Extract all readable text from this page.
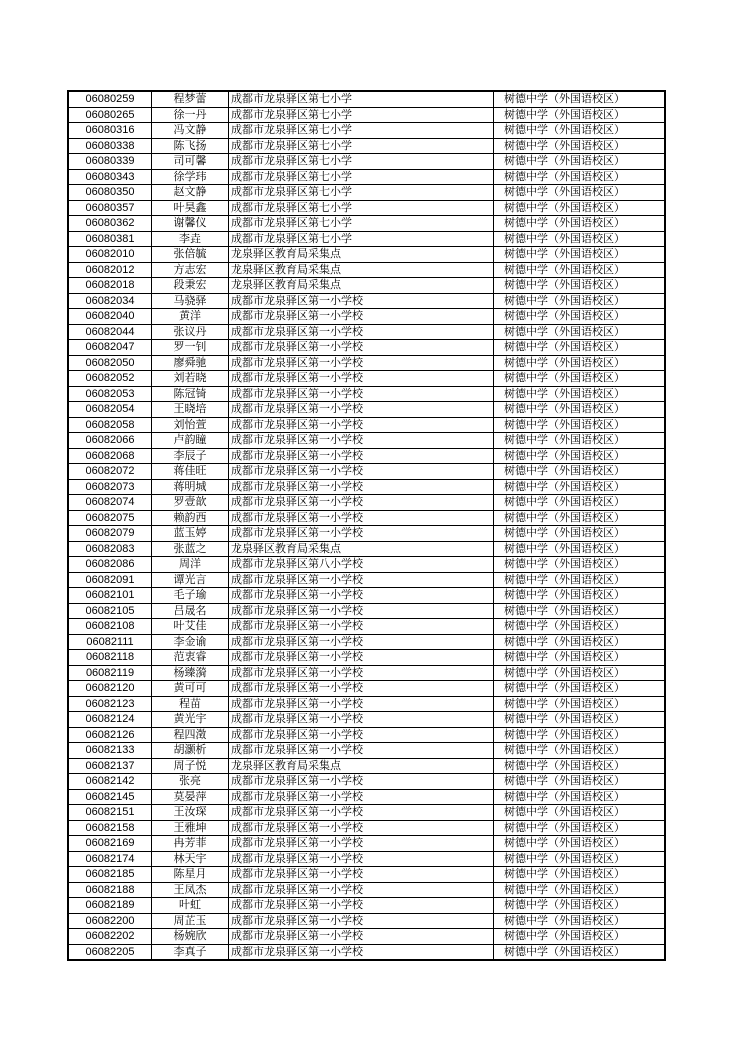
06080259	程梦蕾	成都市龙泉驿区第七小学	树德中学（外国语校区）
06080265	徐一丹	成都市龙泉驿区第七小学	树德中学（外国语校区）
06080316	冯文静	成都市龙泉驿区第七小学	树德中学（外国语校区）
06080338	陈飞扬	成都市龙泉驿区第七小学	树德中学（外国语校区）
06080339	司可馨	成都市龙泉驿区第七小学	树德中学（外国语校区）
06080343	徐学玮	成都市龙泉驿区第七小学	树德中学（外国语校区）
06080350	赵文静	成都市龙泉驿区第七小学	树德中学（外国语校区）
06080357	叶昊鑫	成都市龙泉驿区第七小学	树德中学（外国语校区）
06080362	谢馨仪	成都市龙泉驿区第七小学	树德中学（外国语校区）
06080381	李垚	成都市龙泉驿区第七小学	树德中学（外国语校区）
06082010	张倍毓	龙泉驿区教育局采集点	树德中学（外国语校区）
06082012	方志宏	龙泉驿区教育局采集点	树德中学（外国语校区）
06082018	段秉宏	龙泉驿区教育局采集点	树德中学（外国语校区）
06082034	马骁驿	成都市龙泉驿区第一小学校	树德中学（外国语校区）
06082040	黄洋	成都市龙泉驿区第一小学校	树德中学（外国语校区）
06082044	张议丹	成都市龙泉驿区第一小学校	树德中学（外国语校区）
06082047	罗一钊	成都市龙泉驿区第一小学校	树德中学（外国语校区）
06082050	廖舜驰	成都市龙泉驿区第一小学校	树德中学（外国语校区）
06082052	刘若晓	成都市龙泉驿区第一小学校	树德中学（外国语校区）
06082053	陈冠锜	成都市龙泉驿区第一小学校	树德中学（外国语校区）
06082054	王晓培	成都市龙泉驿区第一小学校	树德中学（外国语校区）
06082058	刘怡萱	成都市龙泉驿区第一小学校	树德中学（外国语校区）
06082066	卢韵瞳	成都市龙泉驿区第一小学校	树德中学（外国语校区）
06082068	李辰子	成都市龙泉驿区第一小学校	树德中学（外国语校区）
06082072	蒋佳旺	成都市龙泉驿区第一小学校	树德中学（外国语校区）
06082073	蒋明城	成都市龙泉驿区第一小学校	树德中学（外国语校区）
06082074	罗壹歆	成都市龙泉驿区第一小学校	树德中学（外国语校区）
06082075	赖韵西	成都市龙泉驿区第一小学校	树德中学（外国语校区）
06082079	蓝玉婷	成都市龙泉驿区第一小学校	树德中学（外国语校区）
06082083	张蓝之	龙泉驿区教育局采集点	树德中学（外国语校区）
06082086	周洋	成都市龙泉驿区第八小学校	树德中学（外国语校区）
06082091	谭光言	成都市龙泉驿区第一小学校	树德中学（外国语校区）
06082101	毛子瑜	成都市龙泉驿区第一小学校	树德中学（外国语校区）
06082105	吕晟名	成都市龙泉驿区第一小学校	树德中学（外国语校区）
06082108	叶艾佳	成都市龙泉驿区第一小学校	树德中学（外国语校区）
06082111	李金谕	成都市龙泉驿区第一小学校	树德中学（外国语校区）
06082118	范衷睿	成都市龙泉驿区第一小学校	树德中学（外国语校区）
06082119	杨臻漪	成都市龙泉驿区第一小学校	树德中学（外国语校区）
06082120	黄可可	成都市龙泉驿区第一小学校	树德中学（外国语校区）
06082123	程苗	成都市龙泉驿区第一小学校	树德中学（外国语校区）
06082124	黄光宇	成都市龙泉驿区第一小学校	树德中学（外国语校区）
06082126	程四澂	成都市龙泉驿区第一小学校	树德中学（外国语校区）
06082133	胡灏析	成都市龙泉驿区第一小学校	树德中学（外国语校区）
06082137	周子悦	龙泉驿区教育局采集点	树德中学（外国语校区）
06082142	张亮	成都市龙泉驿区第一小学校	树德中学（外国语校区）
06082145	莫晏萍	成都市龙泉驿区第一小学校	树德中学（外国语校区）
06082151	王汝琛	成都市龙泉驿区第一小学校	树德中学（外国语校区）
06082158	王雅坤	成都市龙泉驿区第一小学校	树德中学（外国语校区）
06082169	冉芳菲	成都市龙泉驿区第一小学校	树德中学（外国语校区）
06082174	林天宇	成都市龙泉驿区第一小学校	树德中学（外国语校区）
06082185	陈星月	成都市龙泉驿区第一小学校	树德中学（外国语校区）
06082188	王凤杰	成都市龙泉驿区第一小学校	树德中学（外国语校区）
06082189	叶虹	成都市龙泉驿区第一小学校	树德中学（外国语校区）
06082200	周芷玉	成都市龙泉驿区第一小学校	树德中学（外国语校区）
06082202	杨婉欣	成都市龙泉驿区第一小学校	树德中学（外国语校区）
06082205	李真子	成都市龙泉驿区第一小学校	树德中学（外国语校区）
